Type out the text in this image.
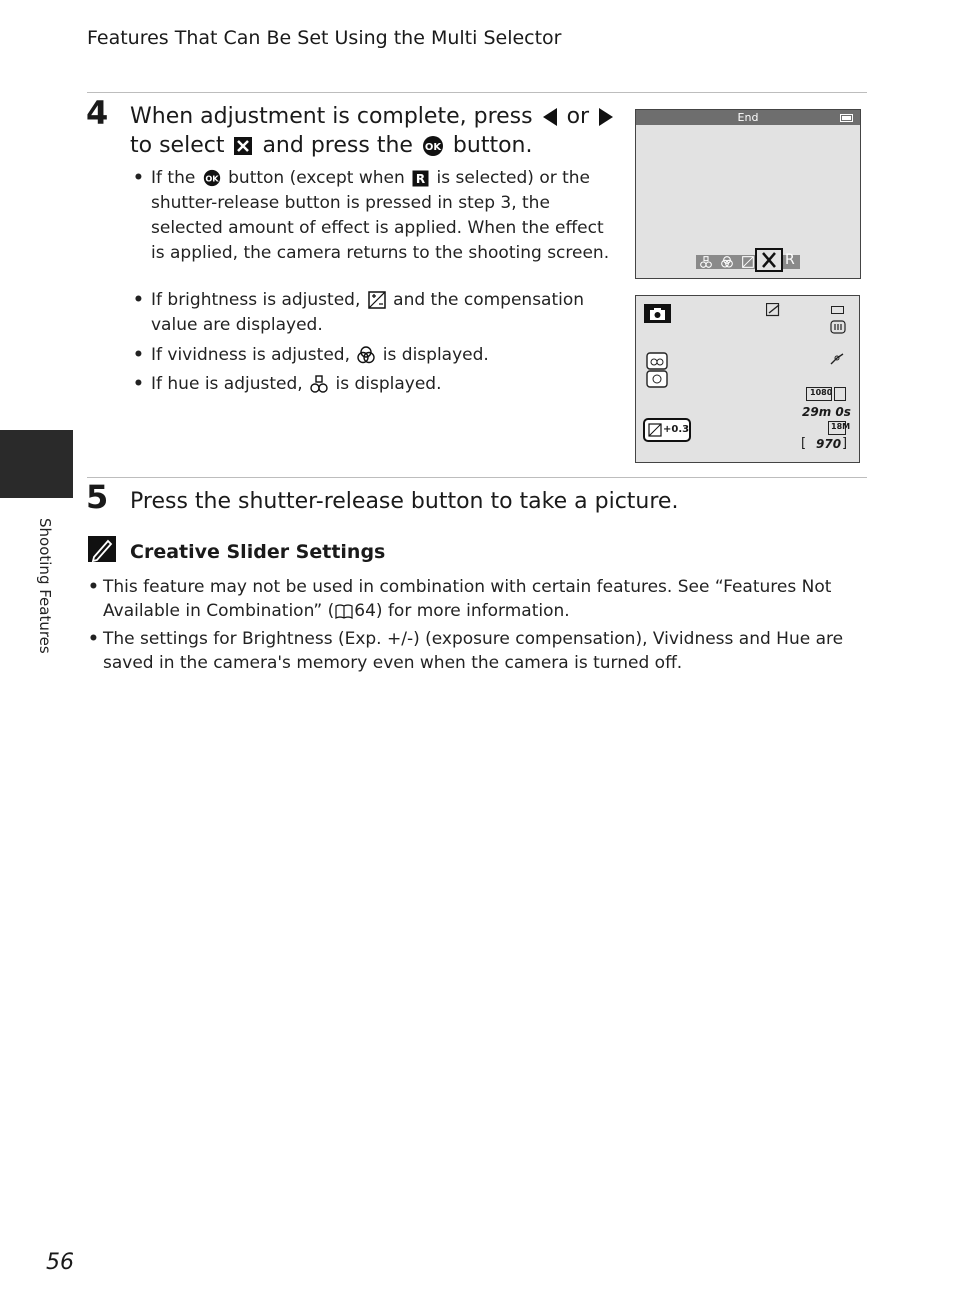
Features That Can Be Set Using the Multi Selector
4 When adjustment is complete, press or
to select and press the OK button.
• If the OK button (except when R is selected) or the shutter-release button is pressed in step 3, the selected amount of effect is applied. When the effect is applied, the camera returns to the shooting screen.
• If brightness is adjusted, and the compensation value are displayed.
• If vividness is adjusted, is displayed.
• If hue is adjusted, is displayed.
End
R
1080
29m 0s
18M
[ 970 ]
+0.3
5 Press the shutter-release button to take a picture.
Creative Slider Settings
• This feature may not be used in combination with certain features. See “Features Not Available in Combination” ( 64) for more information.
• The settings for Brightness (Exp. +/-) (exposure compensation), Vividness and Hue are saved in the camera's memory even when the camera is turned off.
Shooting Features
56
